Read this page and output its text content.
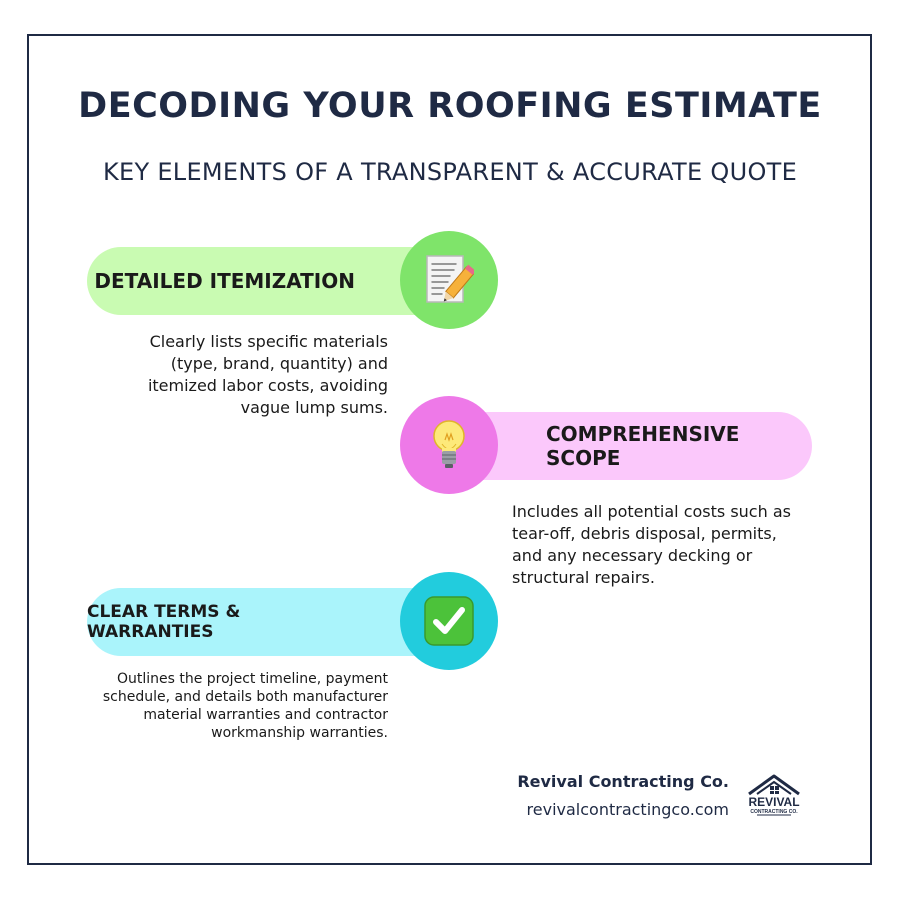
DECODING YOUR ROOFING ESTIMATE
KEY ELEMENTS OF A TRANSPARENT & ACCURATE QUOTE
DETAILED ITEMIZATION
Clearly lists specific materials (type, brand, quantity) and itemized labor costs, avoiding vague lump sums.
COMPREHENSIVE SCOPE
Includes all potential costs such as tear-off, debris disposal, permits, and any necessary decking or structural repairs.
CLEAR TERMS & WARRANTIES
Outlines the project timeline, payment schedule, and details both manufacturer material warranties and contractor workmanship warranties.
Revival Contracting Co.
revivalcontractingco.com REVIVAL
CONTRACTING CO.
